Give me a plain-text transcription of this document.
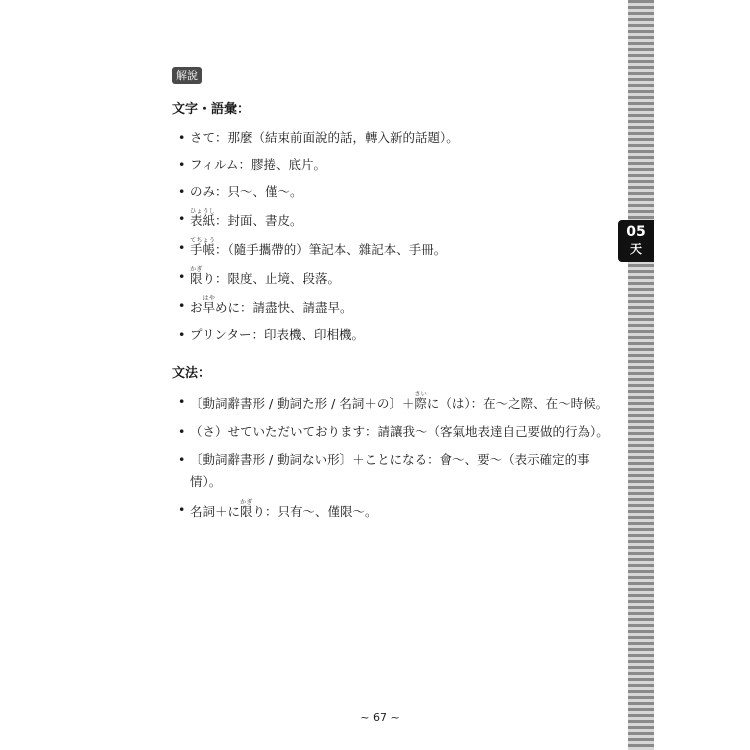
05
天
解說
文字・語彙：
• さて：那麼（結束前面說的話，轉入新的話題）。
• フィルム：膠捲、底片。
• のみ：只～、僅～。
• 表紙ひょうし：封面、書皮。
• 手帳てちょう：（隨手攜帶的）筆記本、雜記本、手冊。
• 限かぎり：限度、止境、段落。
• お早はやめに：請盡快、請盡早。
• プリンター：印表機、印相機。
文法：
• 〔動詞辭書形 / 動詞た形 / 名詞＋の〕＋際さいに（は）：在～之際、在～時候。
• （さ）せていただいております：請讓我～（客氣地表達自己要做的行為）。
• 〔動詞辭書形 / 動詞ない形〕＋ことになる：會～、要～（表示確定的事情）。
• 名詞＋に限かぎり：只有～、僅限～。
~ 67 ~
